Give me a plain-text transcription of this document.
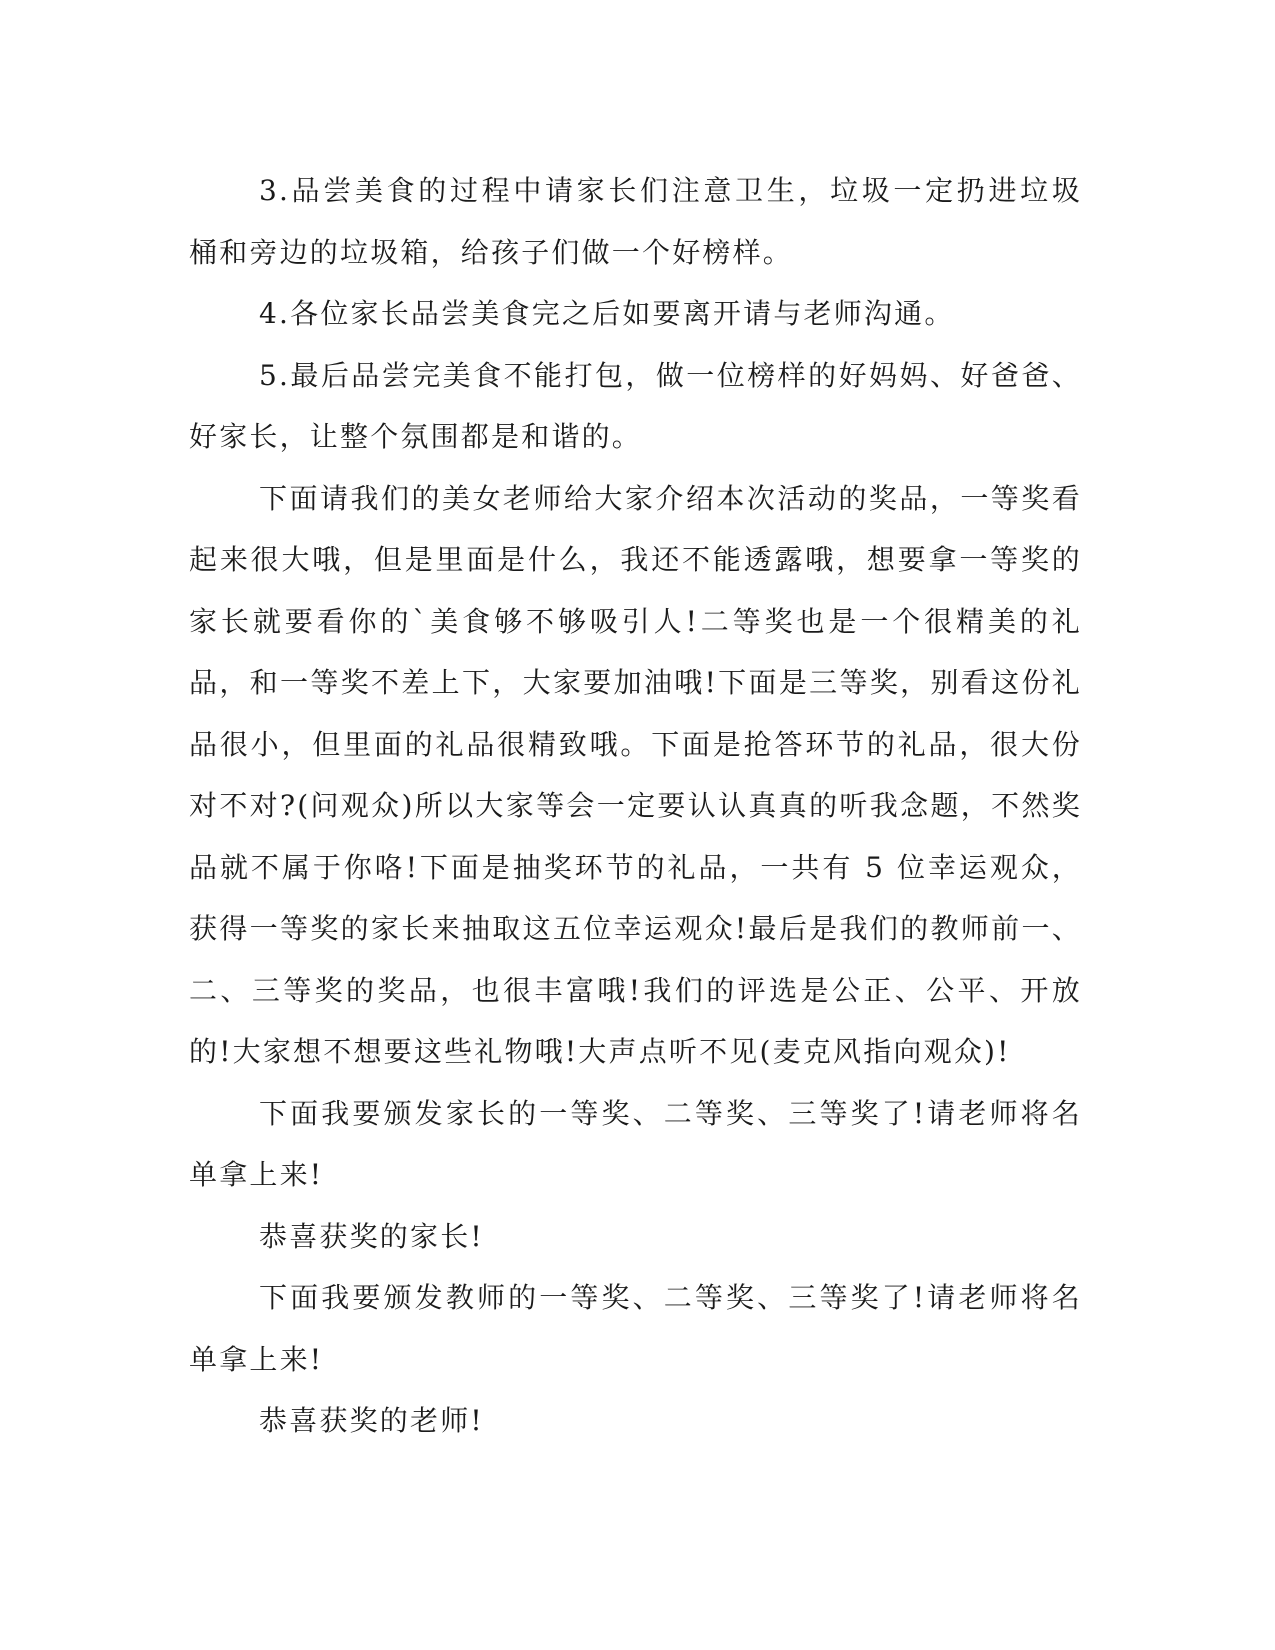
3.品尝美食的过程中请家长们注意卫生，垃圾一定扔进垃圾 桶和旁边的垃圾箱，给孩子们做一个好榜样。

4.各位家长品尝美食完之后如要离开请与老师沟通。

5.最后品尝完美食不能打包，做一位榜样的好妈妈、好爸爸、好家长，让整个氛围都是和谐的。

下面请我们的美女老师给大家介绍本次活动的奖品，一等奖看起来很大哦，但是里面是什么，我还不能透露哦，想要拿一等奖的家长就要看你的`美食够不够吸引人!二等奖也是一个很精美的礼品，和一等奖不差上下，大家要加油哦!下面是三等奖，别看这份礼品很小，但里面的礼品很精致哦。下面是抢答环节的礼品，很大份对不对?(问观众)所以大家等会一定要认认真真的听我念题，不然奖品就不属于你咯!下面是抽奖环节的礼品，一共有 5 位幸运观众，获得一等奖的家长来抽取这五位幸运观众!最后是我们的教师前一、二、三等奖的奖品，也很丰富哦!我们的评选是公正、公平、开放的!大家想不想要这些礼物哦!大声点听不见(麦克风指向观众)!

下面我要颁发家长的一等奖、二等奖、三等奖了!请老师将名单拿上来!

恭喜获奖的家长!

下面我要颁发教师的一等奖、二等奖、三等奖了!请老师将名单拿上来!

恭喜获奖的老师!
